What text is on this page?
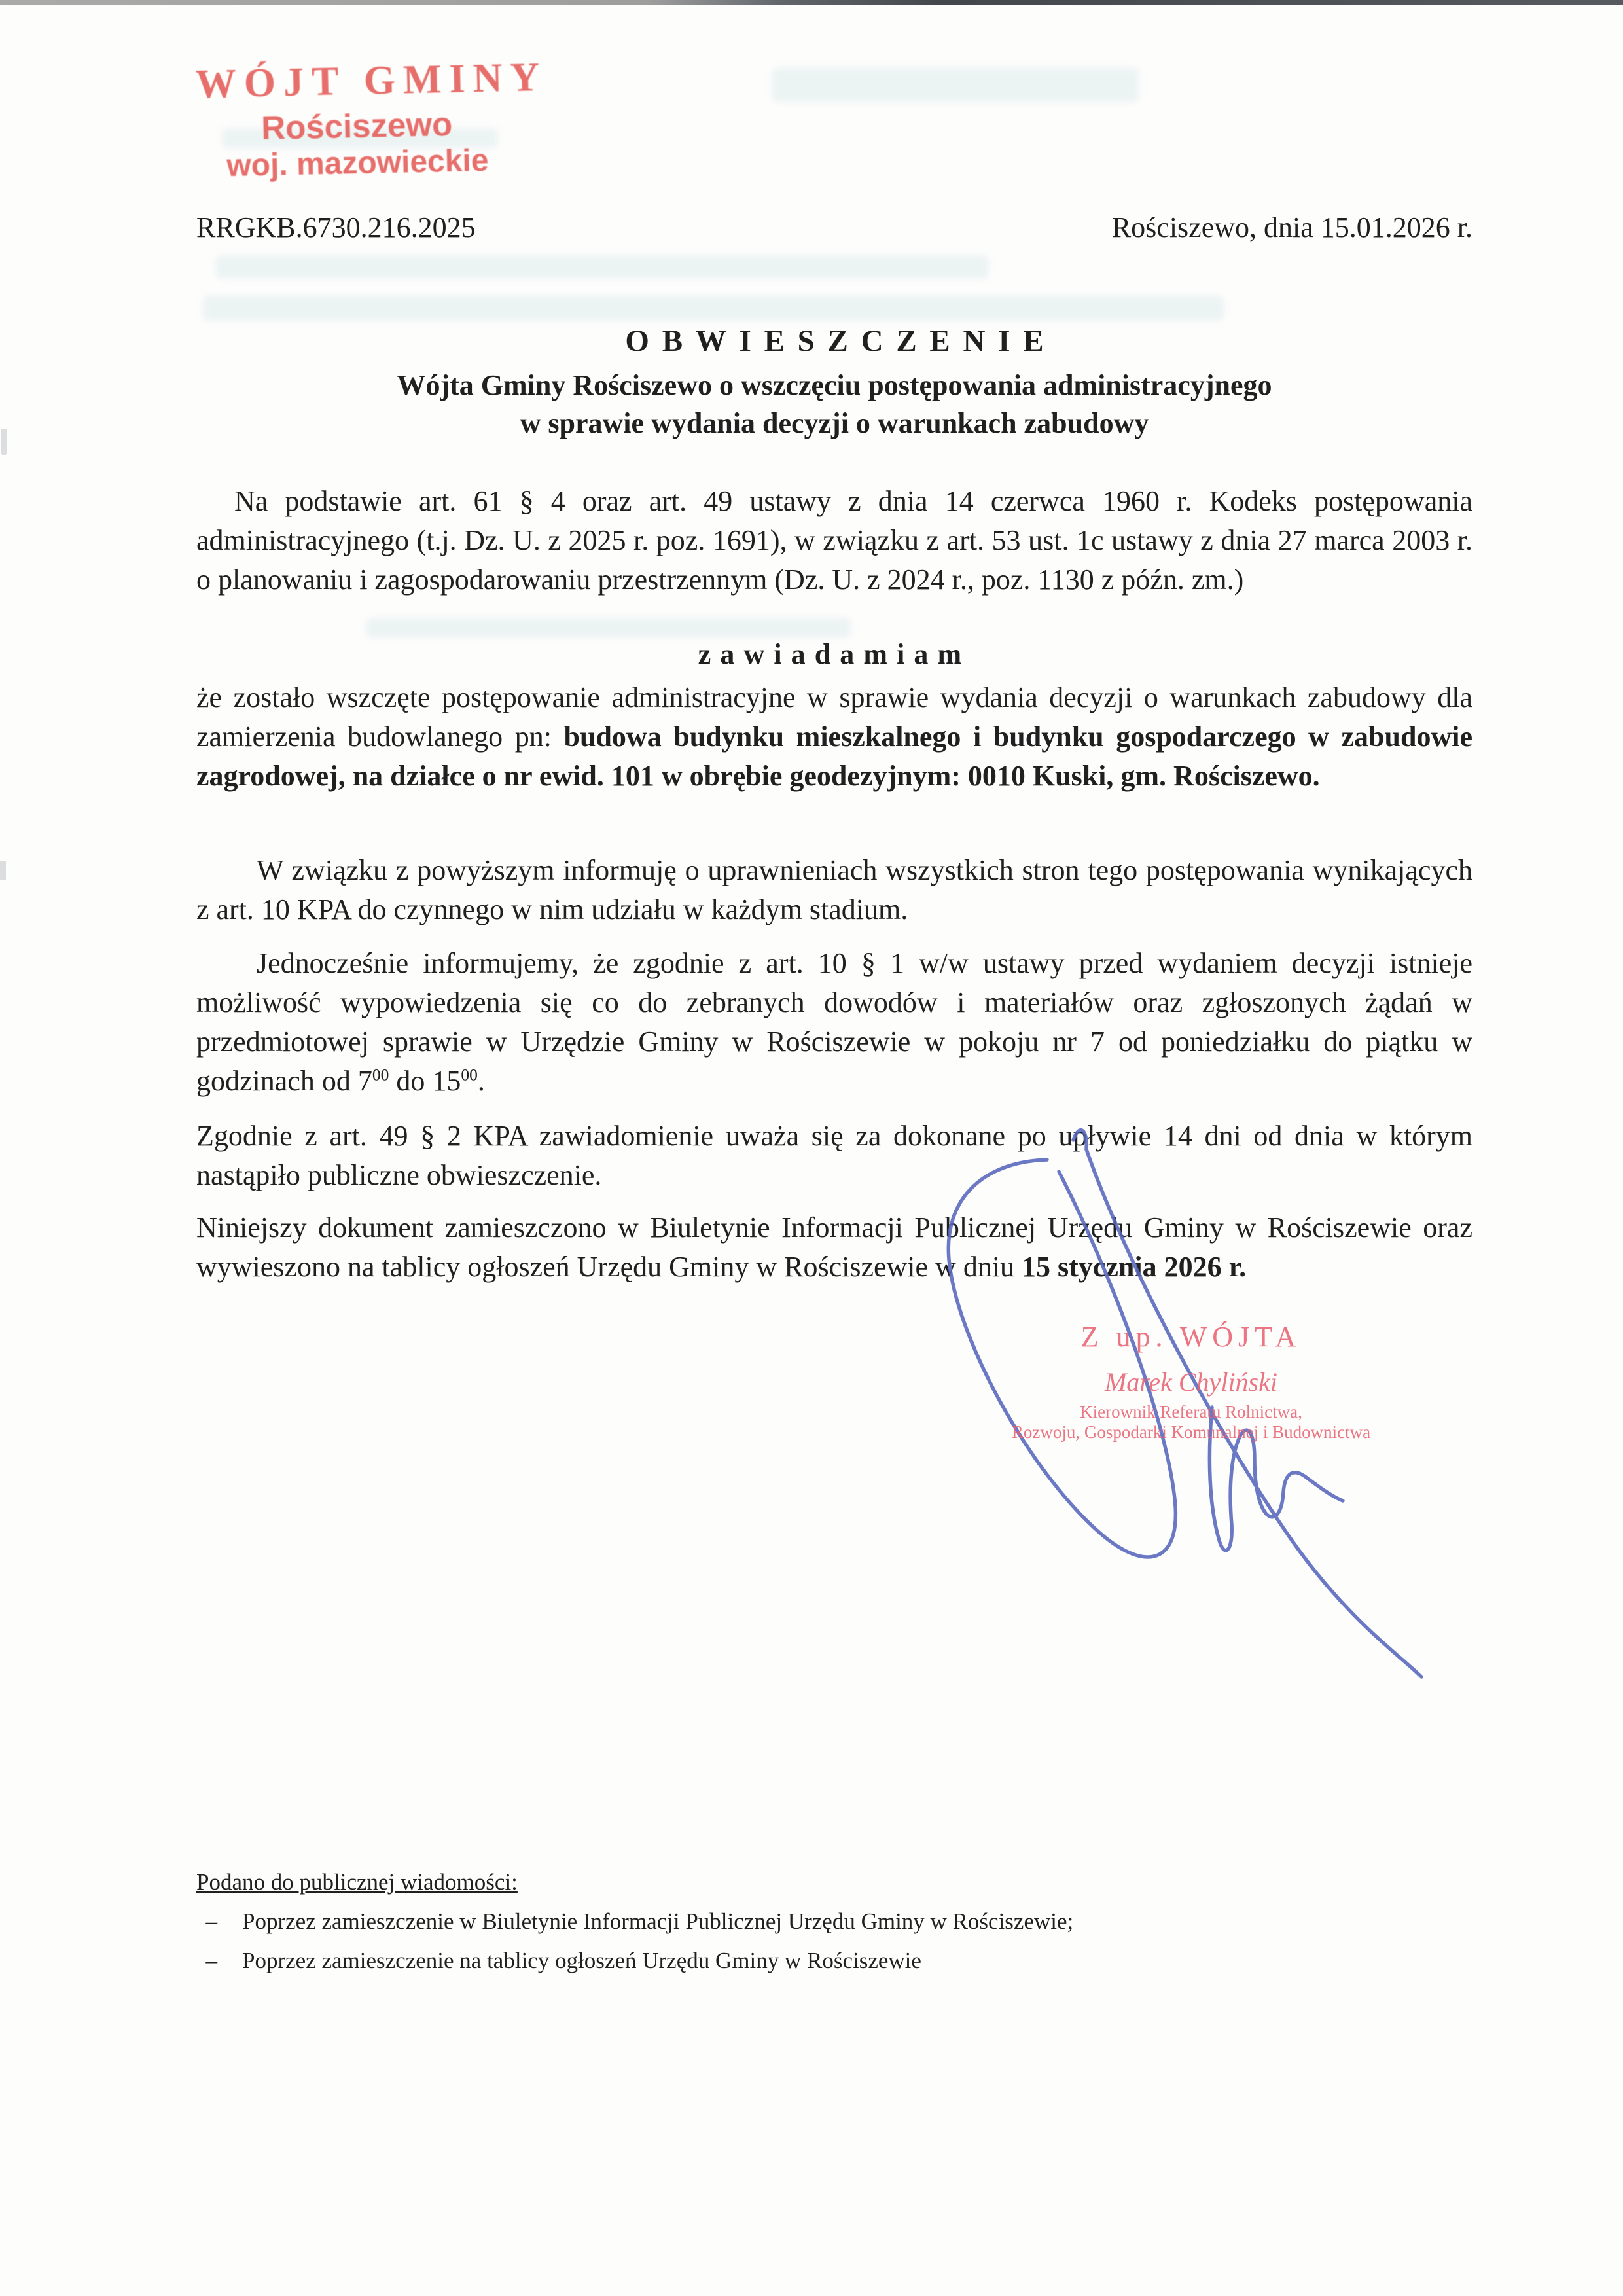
WÓJT GMINY
Rościszewo
woj. mazowieckie
RRGKB.6730.216.2025	Rościszewo, dnia 15.01.2026 r.
OBWIESZCZENIE
Wójta Gminy Rościszewo o wszczęciu postępowania administracyjnego
w sprawie wydania decyzji o warunkach zabudowy
Na podstawie art. 61 § 4 oraz art. 49 ustawy z dnia 14 czerwca 1960 r. Kodeks postępowania administracyjnego (t.j. Dz. U. z 2025 r. poz. 1691), w związku z art. 53 ust. 1c ustawy z dnia 27 marca 2003 r. o planowaniu i zagospodarowaniu przestrzennym (Dz. U. z 2024 r., poz. 1130 z późn. zm.)
zawiadamiam
że zostało wszczęte postępowanie administracyjne w sprawie wydania decyzji o warunkach zabudowy dla zamierzenia budowlanego pn: budowa budynku mieszkalnego i budynku gospodarczego w zabudowie zagrodowej, na działce o nr ewid. 101 w obrębie geodezyjnym: 0010 Kuski, gm. Rościszewo.
W związku z powyższym informuję o uprawnieniach wszystkich stron tego postępowania wynikających z art. 10 KPA do czynnego w nim udziału w każdym stadium.
Jednocześnie informujemy, że zgodnie z art. 10 § 1 w/w ustawy przed wydaniem decyzji istnieje możliwość wypowiedzenia się co do zebranych dowodów i materiałów oraz zgłoszonych żądań w przedmiotowej sprawie w Urzędzie Gminy w Rościszewie w pokoju nr 7 od poniedziałku do piątku w godzinach od $7^{00}$ do $15^{00}$.
Zgodnie z art. 49 § 2 KPA zawiadomienie uważa się za dokonane po upływie 14 dni od dnia w którym nastąpiło publiczne obwieszczenie.
Niniejszy dokument zamieszczono w Biuletynie Informacji Publicznej Urzędu Gminy w Rościszewie oraz wywieszono na tablicy ogłoszeń Urzędu Gminy w Rościszewie w dniu 15 stycznia 2026 r.
Z up. WÓJTA
Marek Chyliński
Kierownik Referatu Rolnictwa,
Rozwoju, Gospodarki Komunalnej i Budownictwa
Podano do publicznej wiadomości:
–	Poprzez zamieszczenie w Biuletynie Informacji Publicznej Urzędu Gminy w Rościszewie;
–	Poprzez zamieszczenie na tablicy ogłoszeń Urzędu Gminy w Rościszewie
